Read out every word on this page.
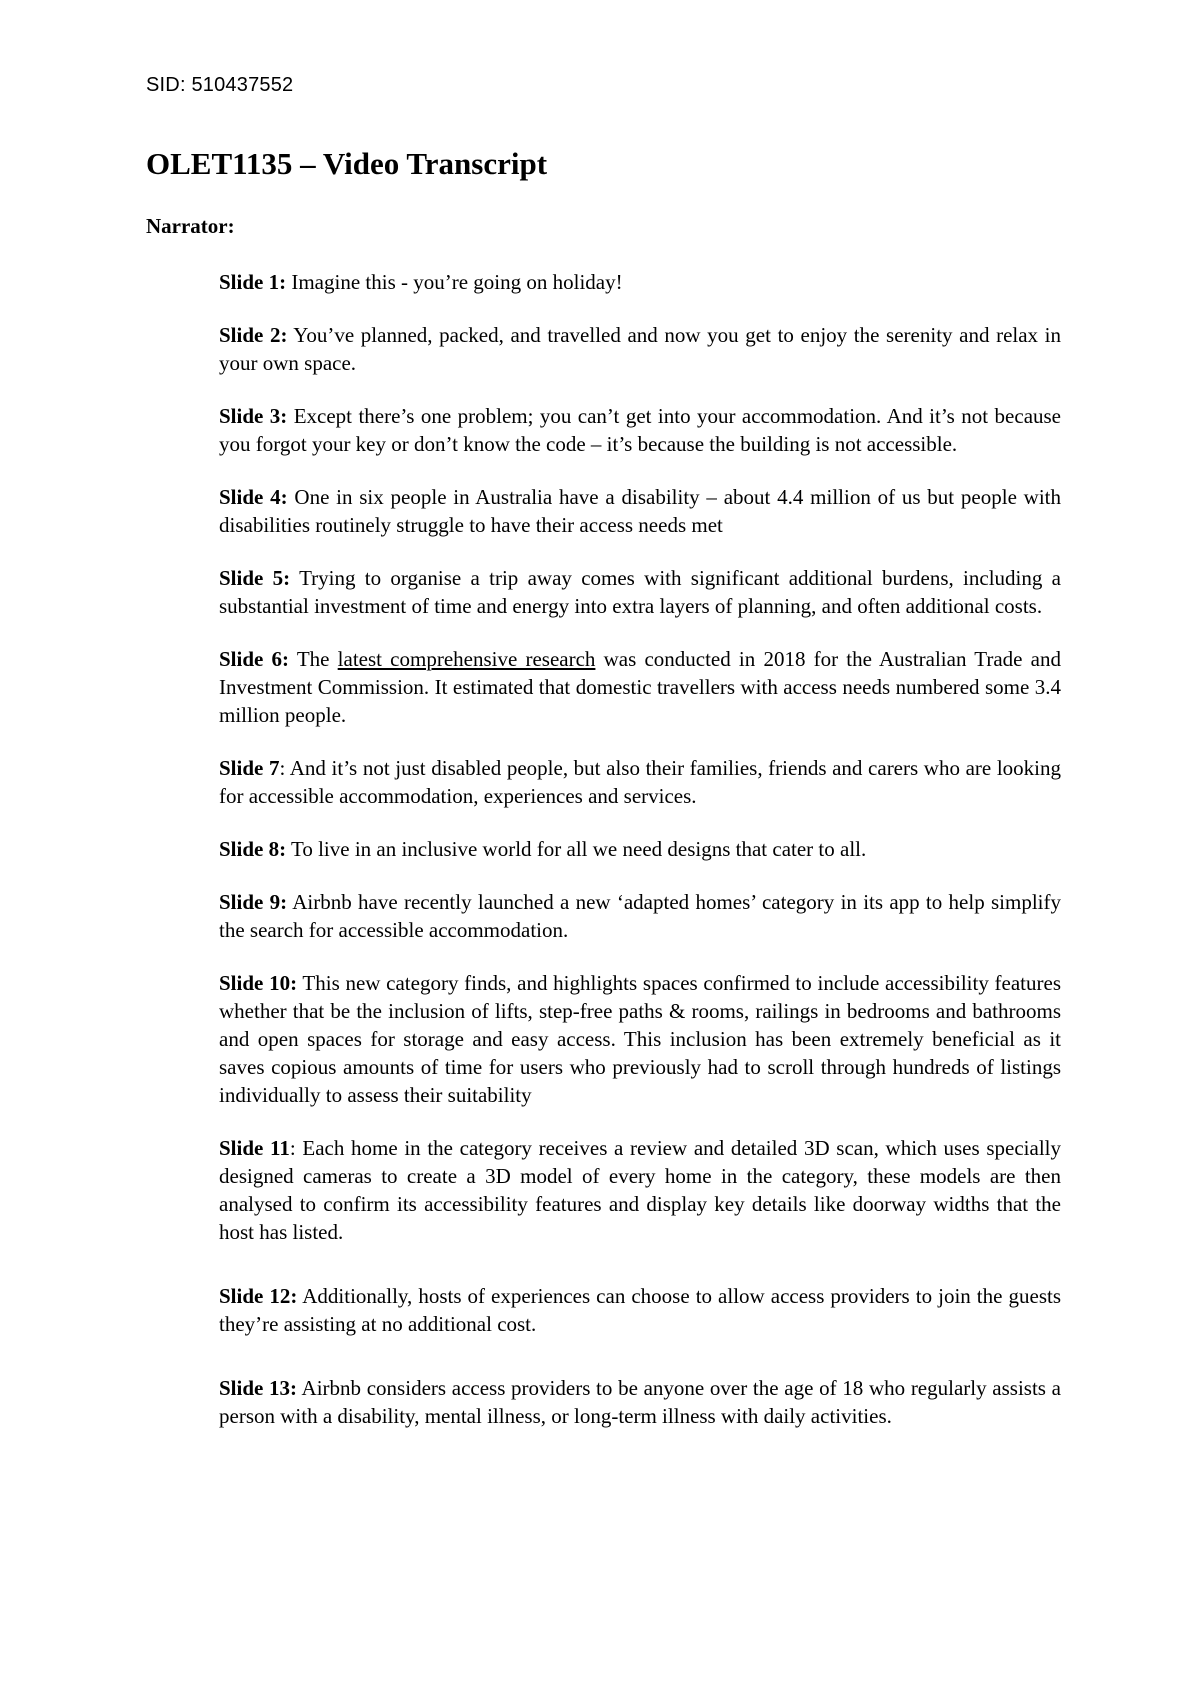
SID: 510437552
OLET1135 – Video Transcript
Narrator:

Slide 1: Imagine this - you’re going on holiday!

Slide 2: You’ve planned, packed, and travelled and now you get to enjoy the serenity and relax in your own space.

Slide 3: Except there’s one problem; you can’t get into your accommodation. And it’s not because you forgot your key or don’t know the code – it’s because the building is not accessible.

Slide 4: One in six people in Australia have a disability – about 4.4 million of us but people with disabilities routinely struggle to have their access needs met

Slide 5: Trying to organise a trip away comes with significant additional burdens, including a substantial investment of time and energy into extra layers of planning, and often additional costs.

Slide 6: The latest comprehensive research was conducted in 2018 for the Australian Trade and Investment Commission. It estimated that domestic travellers with access needs numbered some 3.4 million people.

Slide 7: And it’s not just disabled people, but also their families, friends and carers who are looking for accessible accommodation, experiences and services.

Slide 8: To live in an inclusive world for all we need designs that cater to all.

Slide 9: Airbnb have recently launched a new ‘adapted homes’ category in its app to help simplify the search for accessible accommodation.

Slide 10: This new category finds, and highlights spaces confirmed to include accessibility features whether that be the inclusion of lifts, step-free paths & rooms, railings in bedrooms and bathrooms and open spaces for storage and easy access. This inclusion has been extremely beneficial as it saves copious amounts of time for users who previously had to scroll through hundreds of listings individually to assess their suitability

Slide 11: Each home in the category receives a review and detailed 3D scan, which uses specially designed cameras to create a 3D model of every home in the category, these models are then analysed to confirm its accessibility features and display key details like doorway widths that the host has listed.

Slide 12: Additionally, hosts of experiences can choose to allow access providers to join the guests they’re assisting at no additional cost.

Slide 13: Airbnb considers access providers to be anyone over the age of 18 who regularly assists a person with a disability, mental illness, or long-term illness with daily activities.
